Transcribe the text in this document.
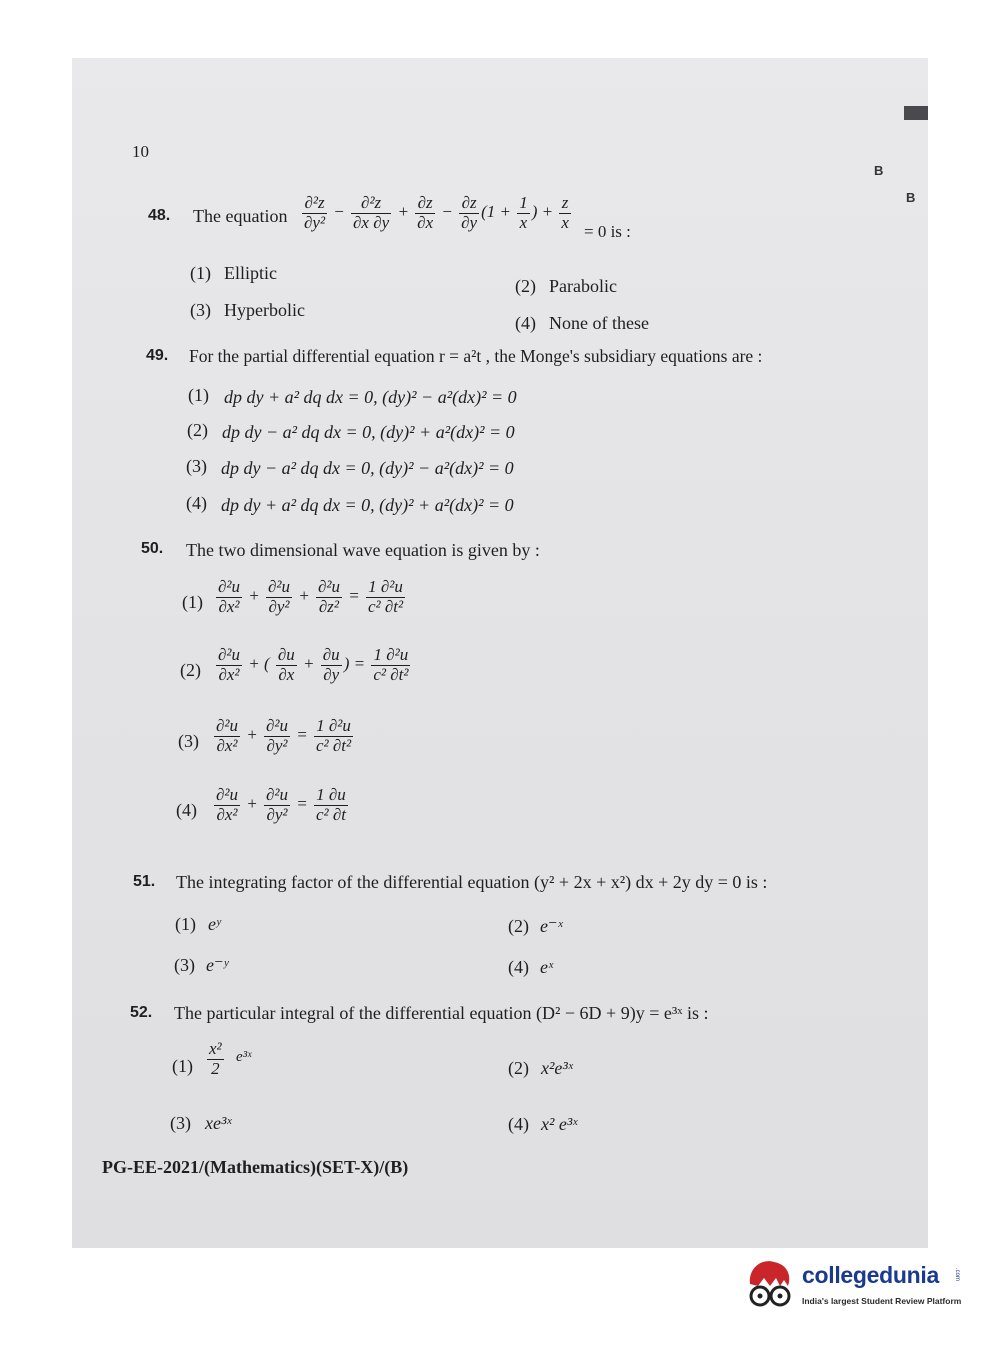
10
B
B
48. The equation $\frac{\text{∂²z}}{\text{∂y²}} - \frac{\text{∂²z}}{\partial x \partial y} + \frac{\partial z}{\partial x} - \frac{\partial z}{\partial y} (1 + \frac{1}{x}$ ) + $\frac{z}{x} = 0$ is :
(1) Elliptic
(2) Parabolic
(3) Hyperbolic
(4) None of these
49. For the partial differential equation r = a²t , the Monge's subsidiary equations are :
(1) dp dy + a² dq dx = 0, (dy)² − a²(dx)² = 0
(2) dp dy − a² dq dx = 0, (dy)² + a²(dx)² = 0
(3) dp dy − a² dq dx = 0, (dy)² − a²(dx)² = 0
(4) dp dy + a² dq dx = 0, (dy)² + a²(dx)² = 0
50. The two dimensional wave equation is given by :
$(1) \frac{\text{∂²u}}{\text{∂x²}} + \frac{\text{∂²u}}{\text{∂y²}} + \frac{\text{∂²u}}{\text{∂z²}} = \frac{\text{1 ∂²u}}{\text{c² ∂t²}}$
$(2) \frac{\text{∂²u}}{\text{∂x²}}$ + ( $\frac{\partial u}{\partial x} + \frac{\partial u}{\partial y}$ ) = $\frac{\text{1 ∂²u}}{\text{c² ∂t²}}$
$(3) \frac{\text{∂²u}}{\text{∂x²}} + \frac{\text{∂²u}}{\text{∂y²}} = \frac{\text{1 ∂²u}}{\text{c² ∂t²}}$
$(4) \frac{\text{∂²u}}{\text{∂x²}} + \frac{\text{∂²u}}{\text{∂y²}} = \frac{1 \partial u}{\text{c² ∂t}}$
51. The integrating factor of the differential equation (y² + 2x + x²) dx + 2y dy = 0 is :
(1) eʸ	(2) e⁻ˣ
(3) e⁻ʸ	(4) eˣ
52. The particular integral of the differential equation (D² − 6D + 9)y = e³ˣ is :
$(1) \frac{\text{x²}}{2}$ e³ˣ
(2) x²e³ˣ
(3) xe³ˣ	(4) x² e³ˣ
PG-EE-2021/(Mathematics)(SET-X)/(B)
collegedunia	.com
India's largest Student Review Platform
